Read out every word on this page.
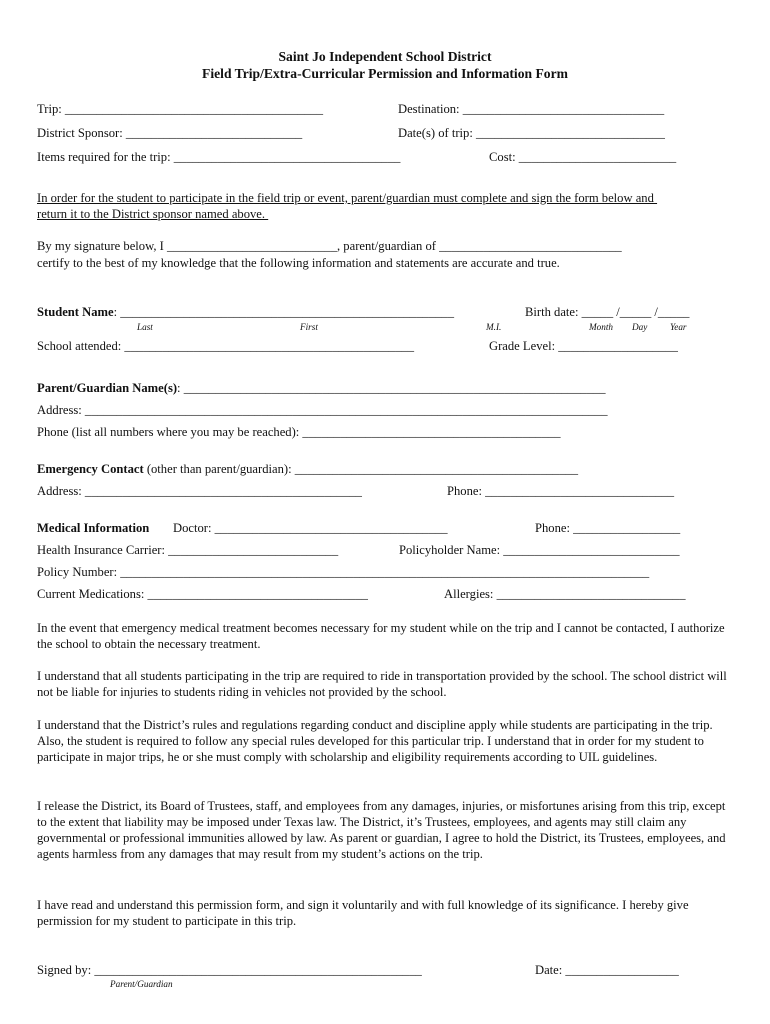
Saint Jo Independent School District
Field Trip/Extra-Curricular Permission and Information Form
Trip: _________________________________________	Destination: ________________________________
District Sponsor: ____________________________	Date(s) of trip: ______________________________
Items required for the trip: ____________________________________	Cost: _________________________
In order for the student to participate in the field trip or event, parent/guardian must complete and sign the form below and
return it to the District sponsor named above.
By my signature below, I ___________________________, parent/guardian of _____________________________
certify to the best of my knowledge that the following information and statements are accurate and true.
Student Name: _____________________________________________________	Birth date: _____ /_____ /_____
Last	First	M.I.	Month Day Year
School attended: ______________________________________________	Grade Level: ___________________
Parent/Guardian Name(s): ___________________________________________________________________
Address: ___________________________________________________________________________________
Phone (list all numbers where you may be reached): _________________________________________
Emergency Contact (other than parent/guardian): _____________________________________________
Address: ____________________________________________	Phone: ______________________________
Medical Information Doctor: _____________________________________	Phone: _________________
Health Insurance Carrier: ___________________________	Policyholder Name: ____________________________
Policy Number: ____________________________________________________________________________________
Current Medications: ___________________________________	Allergies: ______________________________

In the event that emergency medical treatment becomes necessary for my student while on the trip and I cannot be contacted, I authorize the school to obtain the necessary treatment.

I understand that all students participating in the trip are required to ride in transportation provided by the school. The school district will not be liable for injuries to students riding in vehicles not provided by the school.

I understand that the District’s rules and regulations regarding conduct and discipline apply while students are participating in the trip. Also, the student is required to follow any special rules developed for this particular trip. I understand that in order for my student to participate in major trips, he or she must comply with scholarship and eligibility requirements according to UIL guidelines.

I release the District, its Board of Trustees, staff, and employees from any damages, injuries, or misfortunes arising from this trip, except to the extent that liability may be imposed under Texas law. The District, it’s Trustees, employees, and agents may still claim any governmental or professional immunities allowed by law. As parent or guardian, I agree to hold the District, its Trustees, employees, and agents harmless from any damages that may result from my student’s actions on the trip.

I have read and understand this permission form, and sign it voluntarily and with full knowledge of its significance. I hereby give permission for my student to participate in this trip.

Signed by: ____________________________________________________	Date: __________________
Parent/Guardian
